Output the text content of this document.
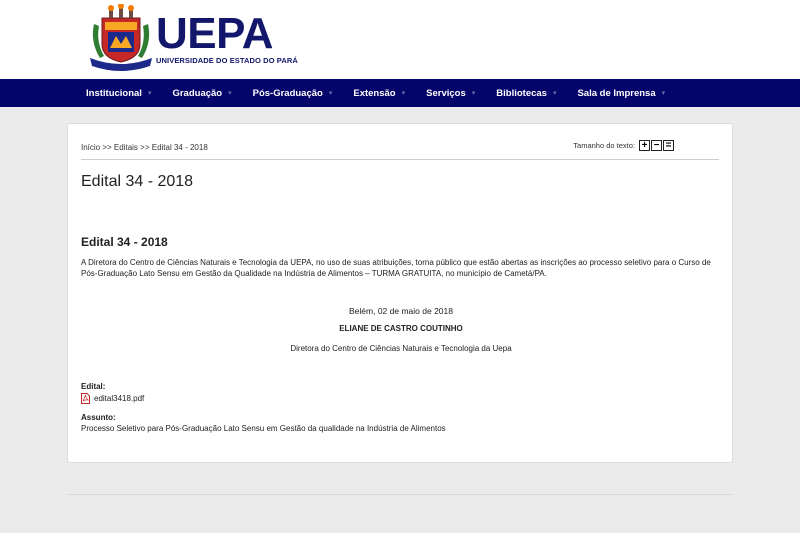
UEPA
UNIVERSIDADE DO ESTADO DO PARÁ
Institucional ▾ Graduação ▾ Pós-Graduação ▾ Extensão ▾ Serviços ▾ Bibliotecas ▾ Sala de Imprensa ▾
Início >> Editais >> Edital 34 - 2018	Tamanho do texto: + − =
Edital 34 - 2018
Edital 34 - 2018

A Diretora do Centro de Ciências Naturais e Tecnologia da UEPA, no uso de suas atribuições, torna público que estão abertas as inscrições ao processo seletivo para o Curso de Pós-Graduação Lato Sensu em Gestão da Qualidade na Indústria de Alimentos – TURMA GRATUITA, no município de Cametá/PA.

Belém, 02 de maio de 2018
ELIANE DE CASTRO COUTINHO
Diretora do Centro de Ciências Naturais e Tecnologia da Uepa
Edital:
edital3418.pdf
Assunto:
Processo Seletivo para Pós-Graduação Lato Sensu em Gestão da qualidade na Indústria de Alimentos
